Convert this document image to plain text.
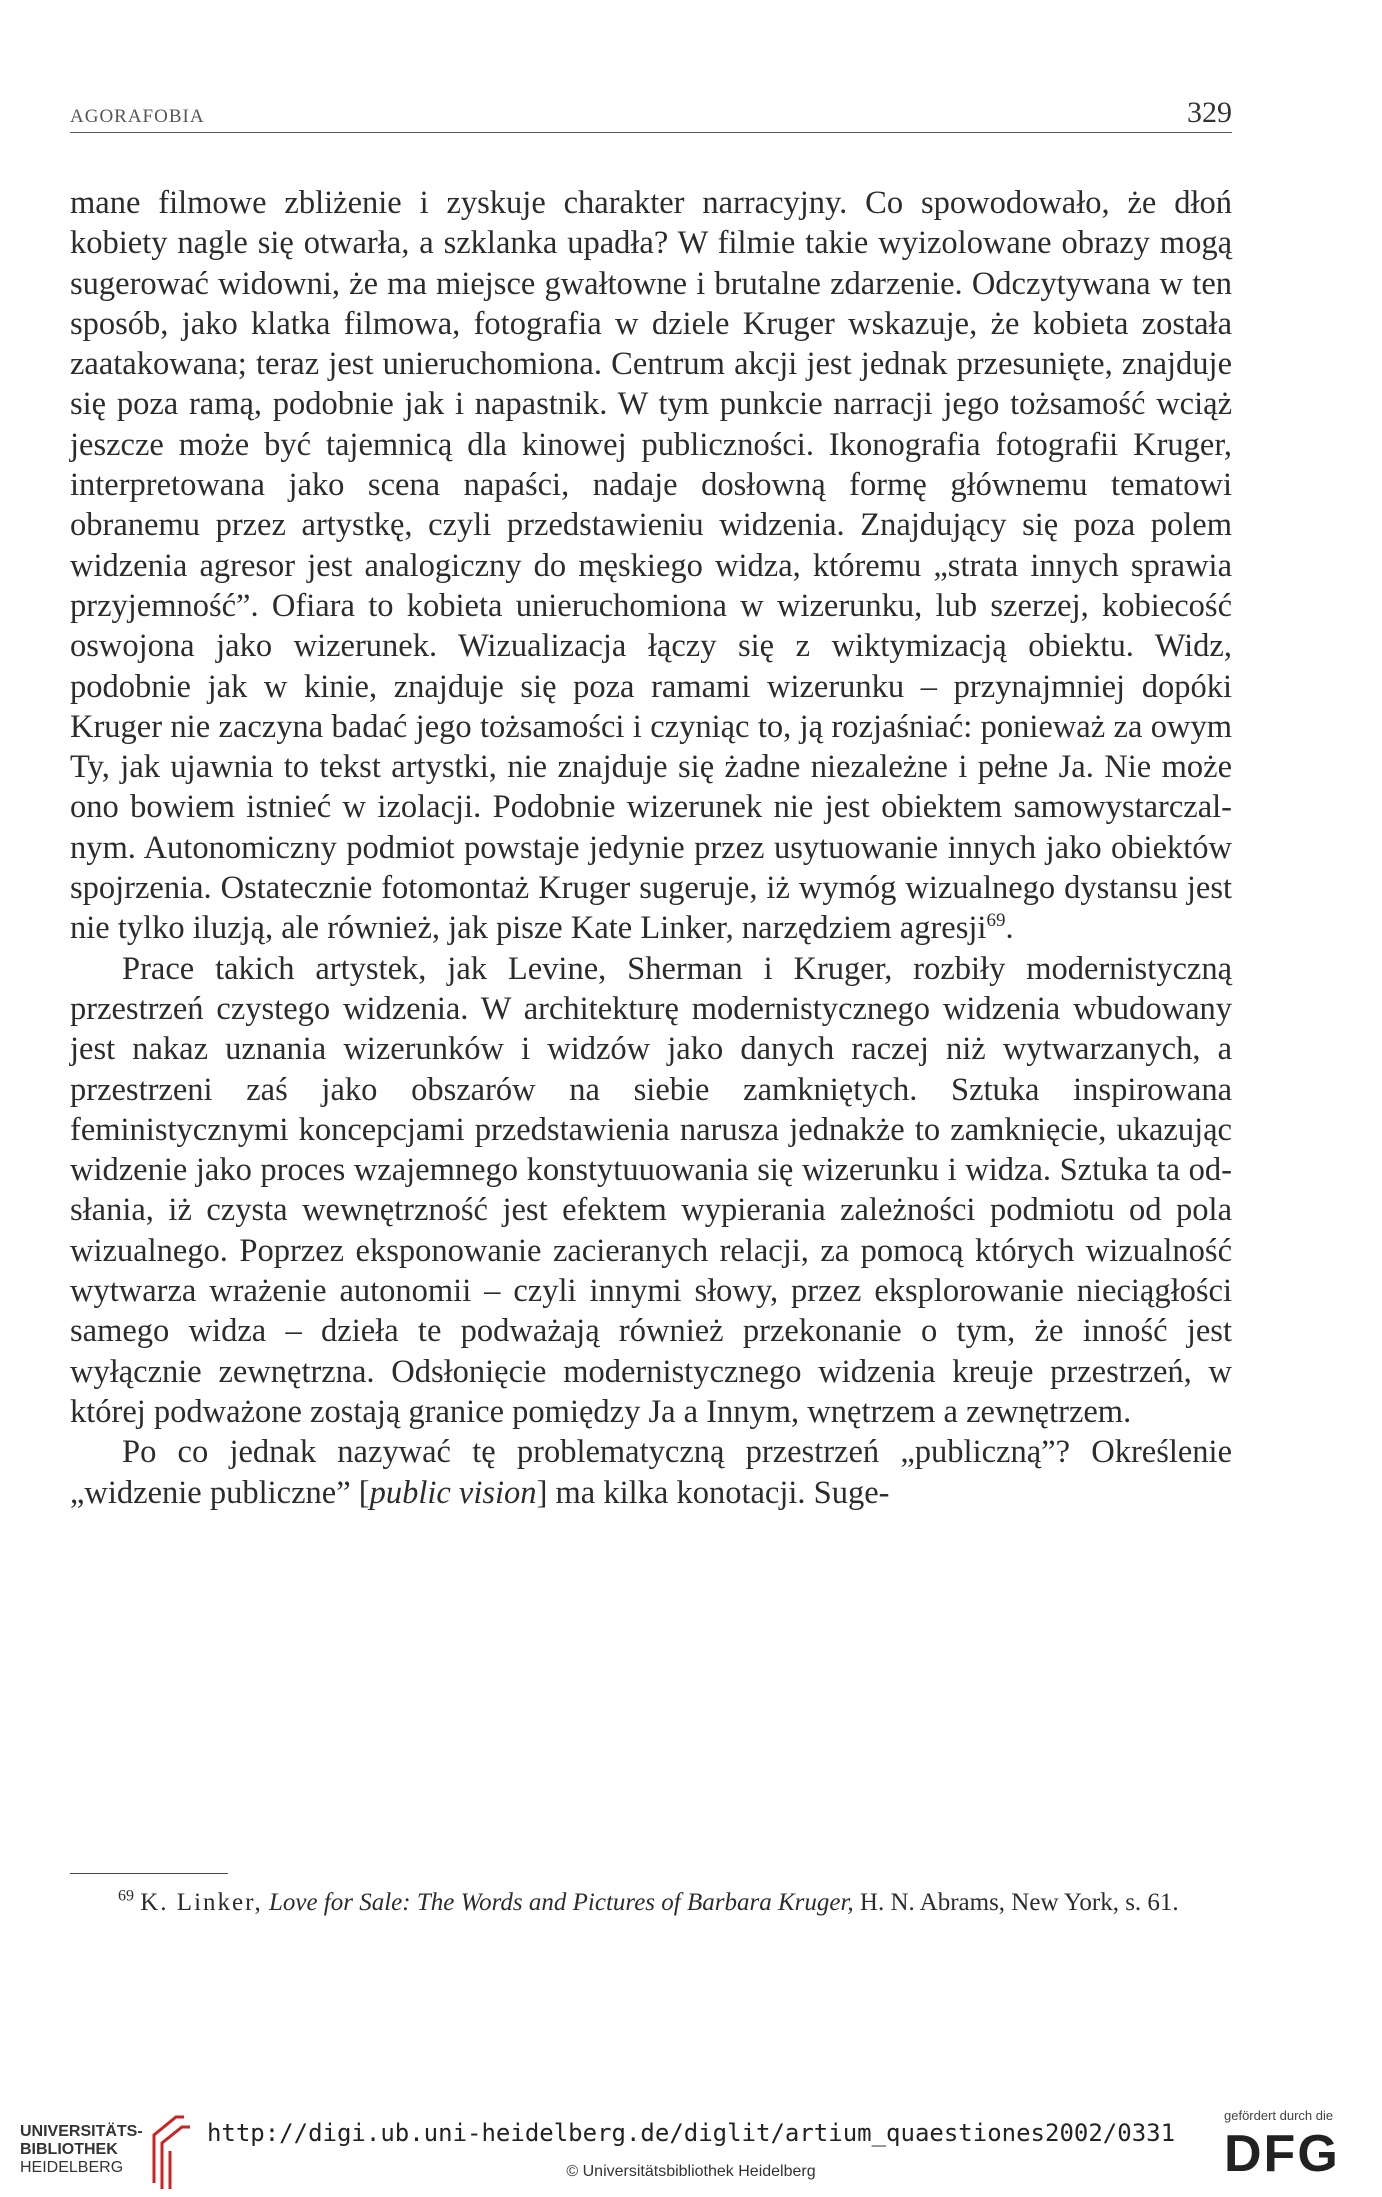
AGORAFOBIA	329

mane filmowe zbliżenie i zyskuje charakter narracyjny. Co spowodowało, że dłoń kobiety nagle się otwarła, a szklanka upadła? W filmie takie wyizolowane obrazy mogą sugerować widowni, że ma miejsce gwałtowne i brutalne zdarzenie. Odczytywana w ten sposób, jako klatka filmowa, fotografia w dziele Kruger wskazuje, że kobieta została zaatakowana; teraz jest unieruchomiona. Centrum akcji jest jednak przesunięte, znajduje się poza ramą, podobnie jak i napastnik. W tym punkcie narracji jego tożsamość wciąż jeszcze może być tajemnicą dla kinowej publiczności. Ikonografia fotografii Kruger, interpretowana jako scena napaści, nadaje dosłowną formę głównemu tematowi obranemu przez artystkę, czyli przedstawieniu widzenia. Znajdujący się poza polem widzenia agresor jest analogiczny do męskiego widza, któremu „strata innych sprawia przyjemność”. Ofiara to kobieta unieruchomiona w wizerunku, lub szerzej, kobiecość oswojona jako wizerunek. Wizualizacja łączy się z wiktymizacją obiektu. Widz, podobnie jak w kinie, znajduje się poza ramami wizerunku – przynajmniej dopóki Kruger nie zaczyna badać jego tożsamości i czyniąc to, ją rozjaśniać: ponieważ za owym Ty, jak ujawnia to tekst artystki, nie znajduje się żadne niezależne i pełne Ja. Nie może ono bowiem istnieć w izolacji. Podobnie wizerunek nie jest obiektem samowystarczalnym. Autonomiczny podmiot powstaje jedynie przez usytuowanie innych jako obiektów spojrzenia. Ostatecznie fotomontaż Kruger sugeruje, iż wymóg wizualnego dystansu jest nie tylko iluzją, ale również, jak pisze Kate Linker, narzędziem agresji$^{69}$.

Prace takich artystek, jak Levine, Sherman i Kruger, rozbiły modernistyczną przestrzeń czystego widzenia. W architekturę modernistycznego widzenia wbudowany jest nakaz uznania wizerunków i widzów jako danych raczej niż wytwarzanych, a przestrzeni zaś jako obszarów na siebie zamkniętych. Sztuka inspirowana feministycznymi koncepcjami przedstawienia narusza jednakże to zamknięcie, ukazując widzenie jako proces wzajemnego konstytuuowania się wizerunku i widza. Sztuka ta odsłania, iż czysta wewnętrzność jest efektem wypierania zależności podmiotu od pola wizualnego. Poprzez eksponowanie zacieranych relacji, za pomocą których wizualność wytwarza wrażenie autonomii – czyli innymi słowy, przez eksplorowanie nieciągłości samego widza – dzieła te podważają również przekonanie o tym, że inność jest wyłącznie zewnętrzna. Odsłonięcie modernistycznego widzenia kreuje przestrzeń, w której podważone zostają granice pomiędzy Ja a Innym, wnętrzem a zewnętrzem.

Po co jednak nazywać tę problematyczną przestrzeń „publiczną”? Określenie „widzenie publiczne” [public vision] ma kilka konotacji. Suge-

$^{69}$ K. Linker, Love for Sale: The Words and Pictures of Barbara Kruger, H. N. Abrams, New York, s. 61.

UNIVERSITÄTS-
BIBLIOTHEK
HEIDELBERG
http://digi.ub.uni-heidelberg.de/diglit/artium_quaestiones2002/0331
© Universitätsbibliothek Heidelberg
gefördert durch die
DFG
